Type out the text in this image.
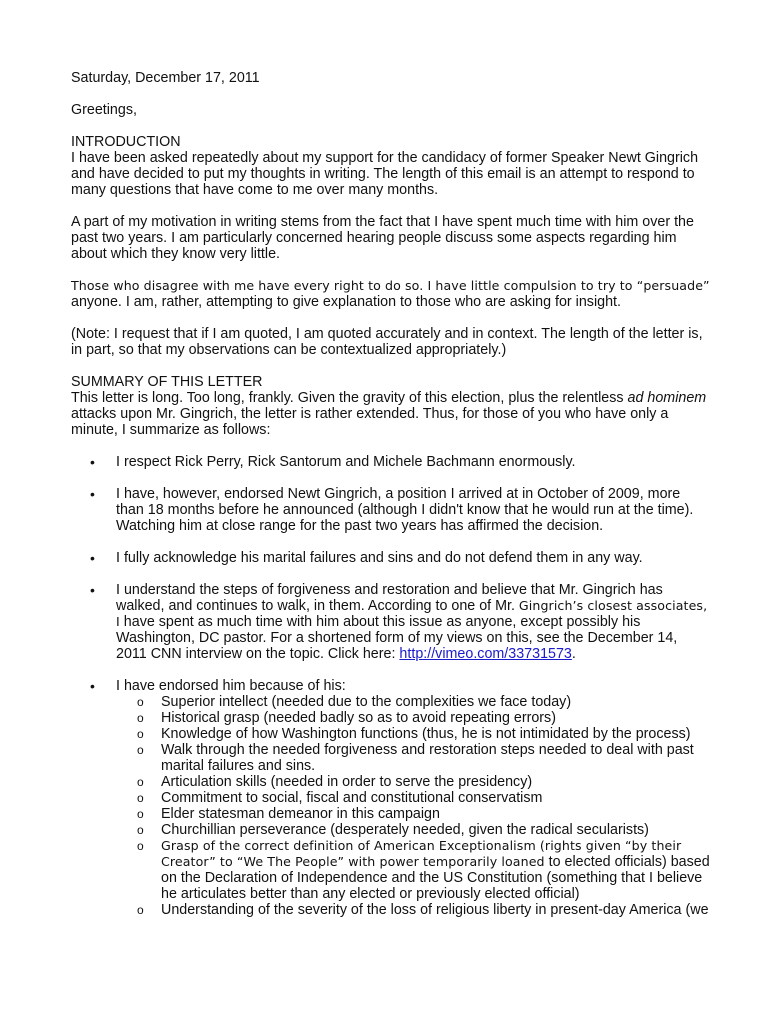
Saturday, December 17, 2011

Greetings,

INTRODUCTION

I have been asked repeatedly about my support for the candidacy of former Speaker Newt Gingrich and have decided to put my thoughts in writing. The length of this email is an attempt to respond to many questions that have come to me over many months.

A part of my motivation in writing stems from the fact that I have spent much time with him over the past two years. I am particularly concerned hearing people discuss some aspects regarding him about which they know very little.

Those who disagree with me have every right to do so. I have little compulsion to try to “persuade”
anyone. I am, rather, attempting to give explanation to those who are asking for insight.

(Note: I request that if I am quoted, I am quoted accurately and in context. The length of the letter is, in part, so that my observations can be contextualized appropriately.)

SUMMARY OF THIS LETTER

This letter is long. Too long, frankly. Given the gravity of this election, plus the relentless ad hominem attacks upon Mr. Gingrich, the letter is rather extended. Thus, for those of you who have only a minute, I summarize as follows:

• I respect Rick Perry, Rick Santorum and Michele Bachmann enormously.
• I have, however, endorsed Newt Gingrich, a position I arrived at in October of 2009, more than 18 months before he announced (although I didn't know that he would run at the time). Watching him at close range for the past two years has affirmed the decision.
• I fully acknowledge his marital failures and sins and do not defend them in any way.
• I understand the steps of forgiveness and restoration and believe that Mr. Gingrich has walked, and continues to walk, in them. According to one of Mr. Gingrich’s closest associates, I have spent as much time with him about this issue as anyone, except possibly his Washington, DC pastor. For a shortened form of my views on this, see the December 14, 2011 CNN interview on the topic. Click here: http://vimeo.com/33731573.
• I have endorsed him because of his:
o Superior intellect (needed due to the complexities we face today)
o Historical grasp (needed badly so as to avoid repeating errors)
o Knowledge of how Washington functions (thus, he is not intimidated by the process)
o Walk through the needed forgiveness and restoration steps needed to deal with past marital failures and sins.
o Articulation skills (needed in order to serve the presidency)
o Commitment to social, fiscal and constitutional conservatism
o Elder statesman demeanor in this campaign
o Churchillian perseverance (desperately needed, given the radical secularists)
o Grasp of the correct definition of American Exceptionalism (rights given “by their Creator” to “We The People” with power temporarily loaned to elected officials) based on the Declaration of Independence and the US Constitution (something that I believe he articulates better than any elected or previously elected official)
o Understanding of the severity of the loss of religious liberty in present-day America (we
